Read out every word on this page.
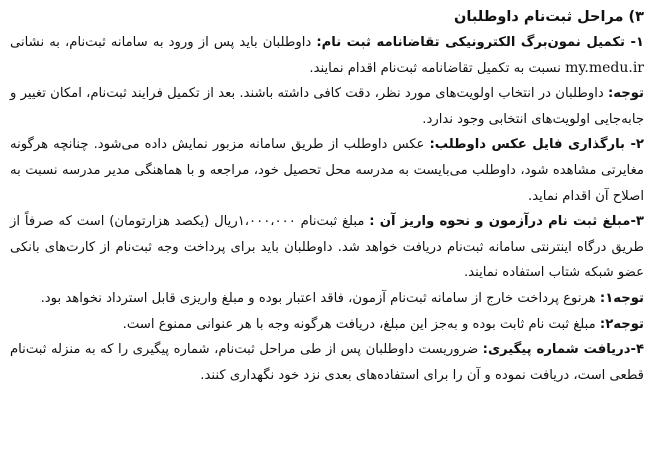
۳) مراحل ثبت‌نام داوطلبان

۱- تکمیل نمون‌برگ الکترونیکی تقاضانامه ثبت نام: داوطلبان باید پس از ورود به سامانه ثبت‌نام، به نشانی my.medu.ir نسبت به تکمیل تقاضانامه ثبت‌نام اقدام نمایند.

توجه: داوطلبان در انتخاب اولویت‌های مورد نظر، دقت کافی داشته باشند. بعد از تکمیل فرایند ثبت‌نام، امکان تغییر و جابه‌جایی اولویت‌های انتخابی وجود ندارد.

۲- بارگذاری فایل عکس داوطلب: عکس داوطلب از طریق سامانه مزبور نمایش داده می‌شود. چنانچه هرگونه مغایرتی مشاهده شود، داوطلب می‌بایست به مدرسه محل تحصیل خود، مراجعه و با هماهنگی مدیر مدرسه نسبت به اصلاح آن اقدام نماید.

۳-مبلغ ثبت نام درآزمون و نحوه واریز آن : مبلغ ثبت‌نام ۱،۰۰۰،۰۰۰ریال (یکصد هزارتومان) است که صرفاً از طریق درگاه اینترنتی سامانه ثبت‌نام دریافت خواهد شد. داوطلبان باید برای پرداخت وجه ثبت‌نام از کارت‌های بانکی عضو شبکه شتاب استفاده نمایند.

توجه۱: هرنوع پرداخت خارج از سامانه ثبت‌نام آزمون، فاقد اعتبار بوده و مبلغ واریزی قابل استرداد نخواهد بود.

توجه۲: مبلغ ثبت نام ثابت بوده و به‌جز این مبلغ، دریافت هرگونه وجه با هر عنوانی ممنوع است.

۴-دریافت شماره پیگیری: ضروریست داوطلبان پس از طی مراحل ثبت‌نام، شماره پیگیری را که به منزله ثبت‌نام قطعی است، دریافت نموده و آن را برای استفاده‌های بعدی نزد خود نگهداری کنند.
